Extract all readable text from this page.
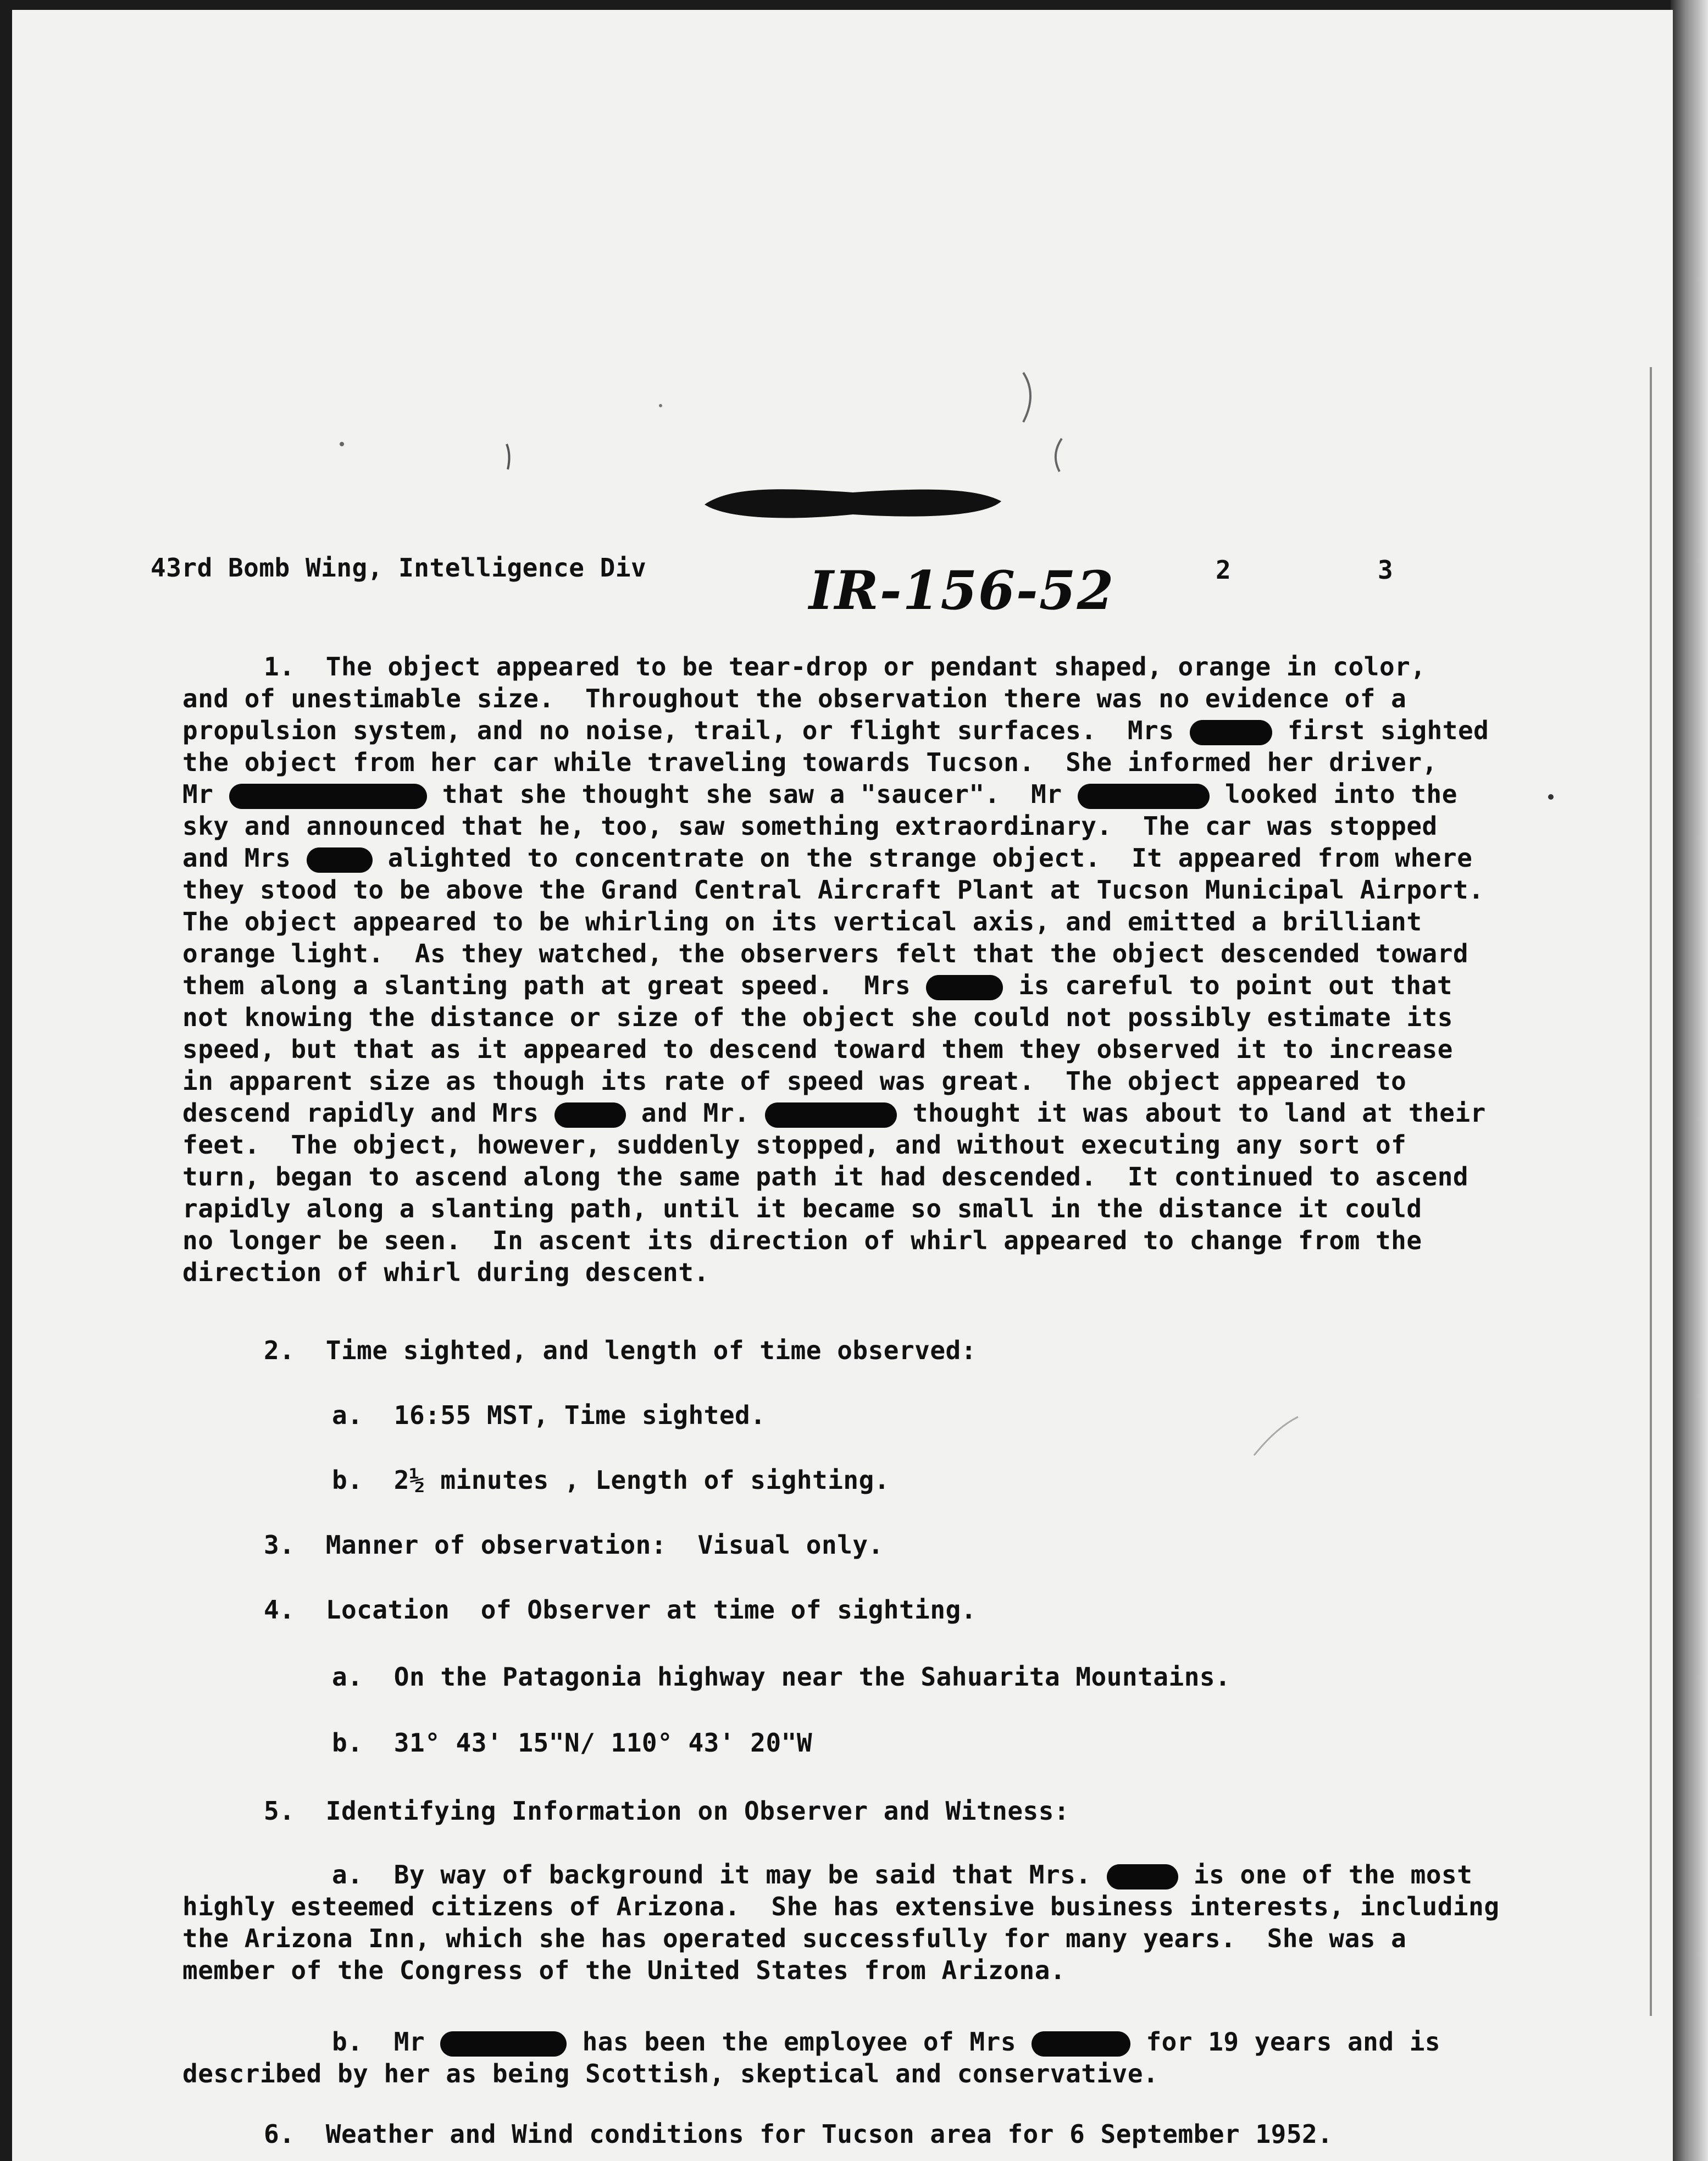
43rd Bomb Wing, Intelligence Div	IR-156-52	2	3
1.  The object appeared to be tear-drop or pendant shaped, orange in color,
and of unestimable size.  Throughout the observation there was no evidence of a
propulsion system, and no noise, trail, or flight surfaces.  Mrs	first sighted
the object from her car while traveling towards Tucson.  She informed her driver,
Mr	that she thought she saw a "saucer".  Mr	looked into the
sky and announced that he, too, saw something extraordinary.  The car was stopped
and Mrs	alighted to concentrate on the strange object.  It appeared from where
they stood to be above the Grand Central Aircraft Plant at Tucson Municipal Airport.
The object appeared to be whirling on its vertical axis, and emitted a brilliant
orange light.  As they watched, the observers felt that the object descended toward
them along a slanting path at great speed.  Mrs	is careful to point out that
not knowing the distance or size of the object she could not possibly estimate its
speed, but that as it appeared to descend toward them they observed it to increase
in apparent size as though its rate of speed was great.  The object appeared to
descend rapidly and Mrs	and Mr.	thought it was about to land at their
feet.  The object, however, suddenly stopped, and without executing any sort of
turn, began to ascend along the same path it had descended.  It continued to ascend
rapidly along a slanting path, until it became so small in the distance it could
no longer be seen.  In ascent its direction of whirl appeared to change from the
direction of whirl during descent.
2.  Time sighted, and length of time observed:
a.  16:55 MST, Time sighted.
b.  2½ minutes , Length of sighting.
3.  Manner of observation:  Visual only.
4.  Location  of Observer at time of sighting.
a.  On the Patagonia highway near the Sahuarita Mountains.
b.  31° 43' 15"N/ 110° 43' 20"W
5.  Identifying Information on Observer and Witness:
a.  By way of background it may be said that Mrs.	is one of the most
highly esteemed citizens of Arizona.  She has extensive business interests, including
the Arizona Inn, which she has operated successfully for many years.  She was a
member of the Congress of the United States from Arizona.
b.  Mr	has been the employee of Mrs	for 19 years and is
described by her as being Scottish, skeptical and conservative.
6.  Weather and Wind conditions for Tucson area for 6 September 1952.
